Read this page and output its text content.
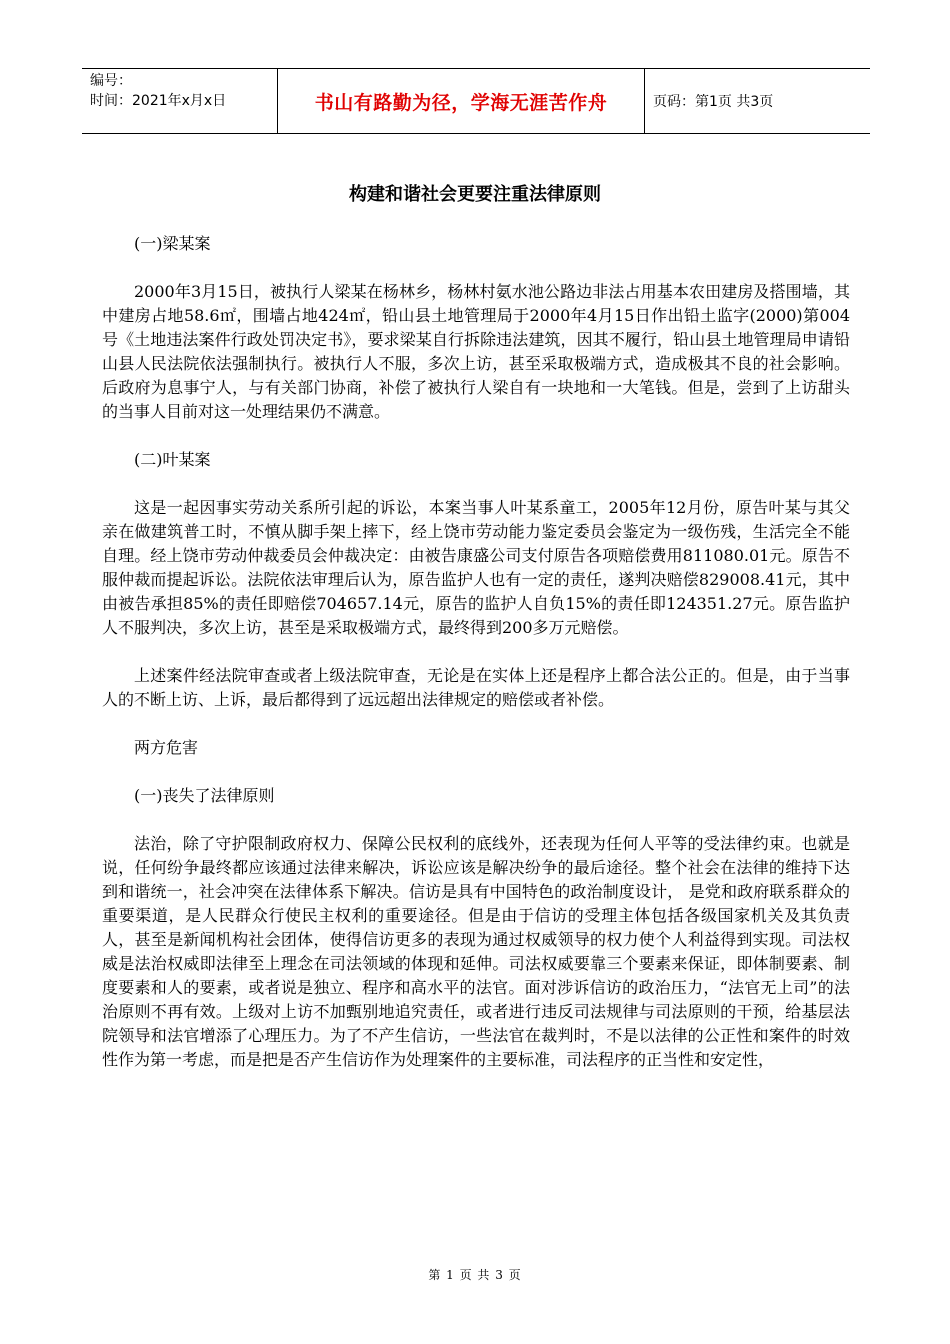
编号：
时间：2021年x月x日	书山有路勤为径，学海无涯苦作舟	页码：第1页 共3页
构建和谐社会更要注重法律原则

(一)梁某案

2000年3月15日，被执行人梁某在杨林乡，杨林村氨水池公路边非法占用基本农田建房及搭围墙，其中建房占地58.6㎡，围墙占地424㎡，铅山县土地管理局于2000年4月15日作出铅土监字(2000)第004号《土地违法案件行政处罚决定书》，要求梁某自行拆除违法建筑，因其不履行，铅山县土地管理局申请铅山县人民法院依法强制执行。被执行人不服，多次上访，甚至采取极端方式，造成极其不良的社会影响。后政府为息事宁人，与有关部门协商，补偿了被执行人梁自有一块地和一大笔钱。但是，尝到了上访甜头的当事人目前对这一处理结果仍不满意。

(二)叶某案

这是一起因事实劳动关系所引起的诉讼，本案当事人叶某系童工，2005年12月份，原告叶某与其父亲在做建筑普工时，不慎从脚手架上摔下，经上饶市劳动能力鉴定委员会鉴定为一级伤残，生活完全不能自理。经上饶市劳动仲裁委员会仲裁决定：由被告康盛公司支付原告各项赔偿费用811080.01元。原告不服仲裁而提起诉讼。法院依法审理后认为，原告监护人也有一定的责任，遂判决赔偿829008.41元，其中由被告承担85%的责任即赔偿704657.14元，原告的监护人自负15%的责任即124351.27元。原告监护人不服判决，多次上访，甚至是采取极端方式，最终得到200多万元赔偿。

上述案件经法院审查或者上级法院审查，无论是在实体上还是程序上都合法公正的。但是，由于当事人的不断上访、上诉，最后都得到了远远超出法律规定的赔偿或者补偿。

两方危害

(一)丧失了法律原则

法治，除了守护限制政府权力、保障公民权利的底线外，还表现为任何人平等的受法律约束。也就是说，任何纷争最终都应该通过法律来解决，诉讼应该是解决纷争的最后途径。整个社会在法律的维持下达到和谐统一，社会冲突在法律体系下解决。信访是具有中国特色的政治制度设计， 是党和政府联系群众的重要渠道，是人民群众行使民主权利的重要途径。但是由于信访的受理主体包括各级国家机关及其负责人，甚至是新闻机构社会团体，使得信访更多的表现为通过权威领导的权力使个人利益得到实现。司法权威是法治权威即法律至上理念在司法领域的体现和延伸。司法权威要靠三个要素来保证，即体制要素、制度要素和人的要素，或者说是独立、程序和高水平的法官。面对涉诉信访的政治压力，“法官无上司”的法治原则不再有效。上级对上访不加甄别地追究责任，或者进行违反司法规律与司法原则的干预，给基层法院领导和法官增添了心理压力。为了不产生信访，一些法官在裁判时，不是以法律的公正性和案件的时效性作为第一考虑，而是把是否产生信访作为处理案件的主要标准，司法程序的正当性和安定性，

第 1 页 共 3 页
